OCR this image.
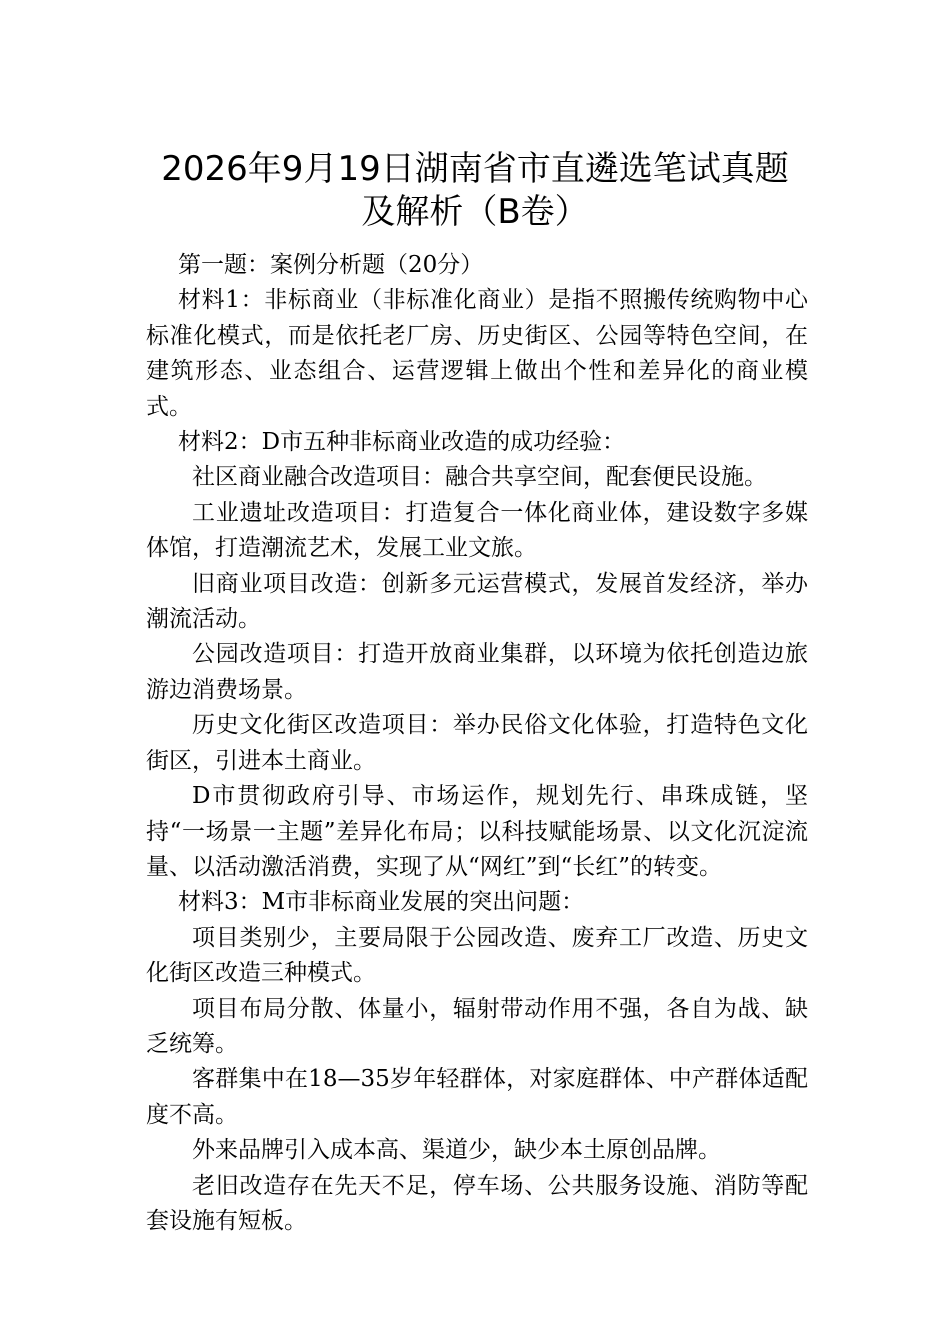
2026年9月19日湖南省市直遴选笔试真题
及解析（B卷）

第一题：案例分析题（20分）

材料1：非标商业（非标准化商业）是指不照搬传统购物中心标准化模式，而是依托老厂房、历史街区、公园等特色空间，在建筑形态、业态组合、运营逻辑上做出个性和差异化的商业模式。

材料2：D市五种非标商业改造的成功经验：

社区商业融合改造项目：融合共享空间，配套便民设施。

工业遗址改造项目：打造复合一体化商业体，建设数字多媒体馆，打造潮流艺术，发展工业文旅。

旧商业项目改造：创新多元运营模式，发展首发经济，举办潮流活动。

公园改造项目：打造开放商业集群，以环境为依托创造边旅游边消费场景。

历史文化街区改造项目：举办民俗文化体验，打造特色文化街区，引进本土商业。

D市贯彻政府引导、市场运作，规划先行、串珠成链，坚持“一场景一主题”差异化布局；以科技赋能场景、以文化沉淀流量、以活动激活消费，实现了从“网红”到“长红”的转变。

材料3：M市非标商业发展的突出问题：

项目类别少，主要局限于公园改造、废弃工厂改造、历史文化街区改造三种模式。

项目布局分散、体量小，辐射带动作用不强，各自为战、缺乏统筹。

客群集中在18—35岁年轻群体，对家庭群体、中产群体适配度不高。

外来品牌引入成本高、渠道少，缺少本土原创品牌。

老旧改造存在先天不足，停车场、公共服务设施、消防等配套设施有短板。
